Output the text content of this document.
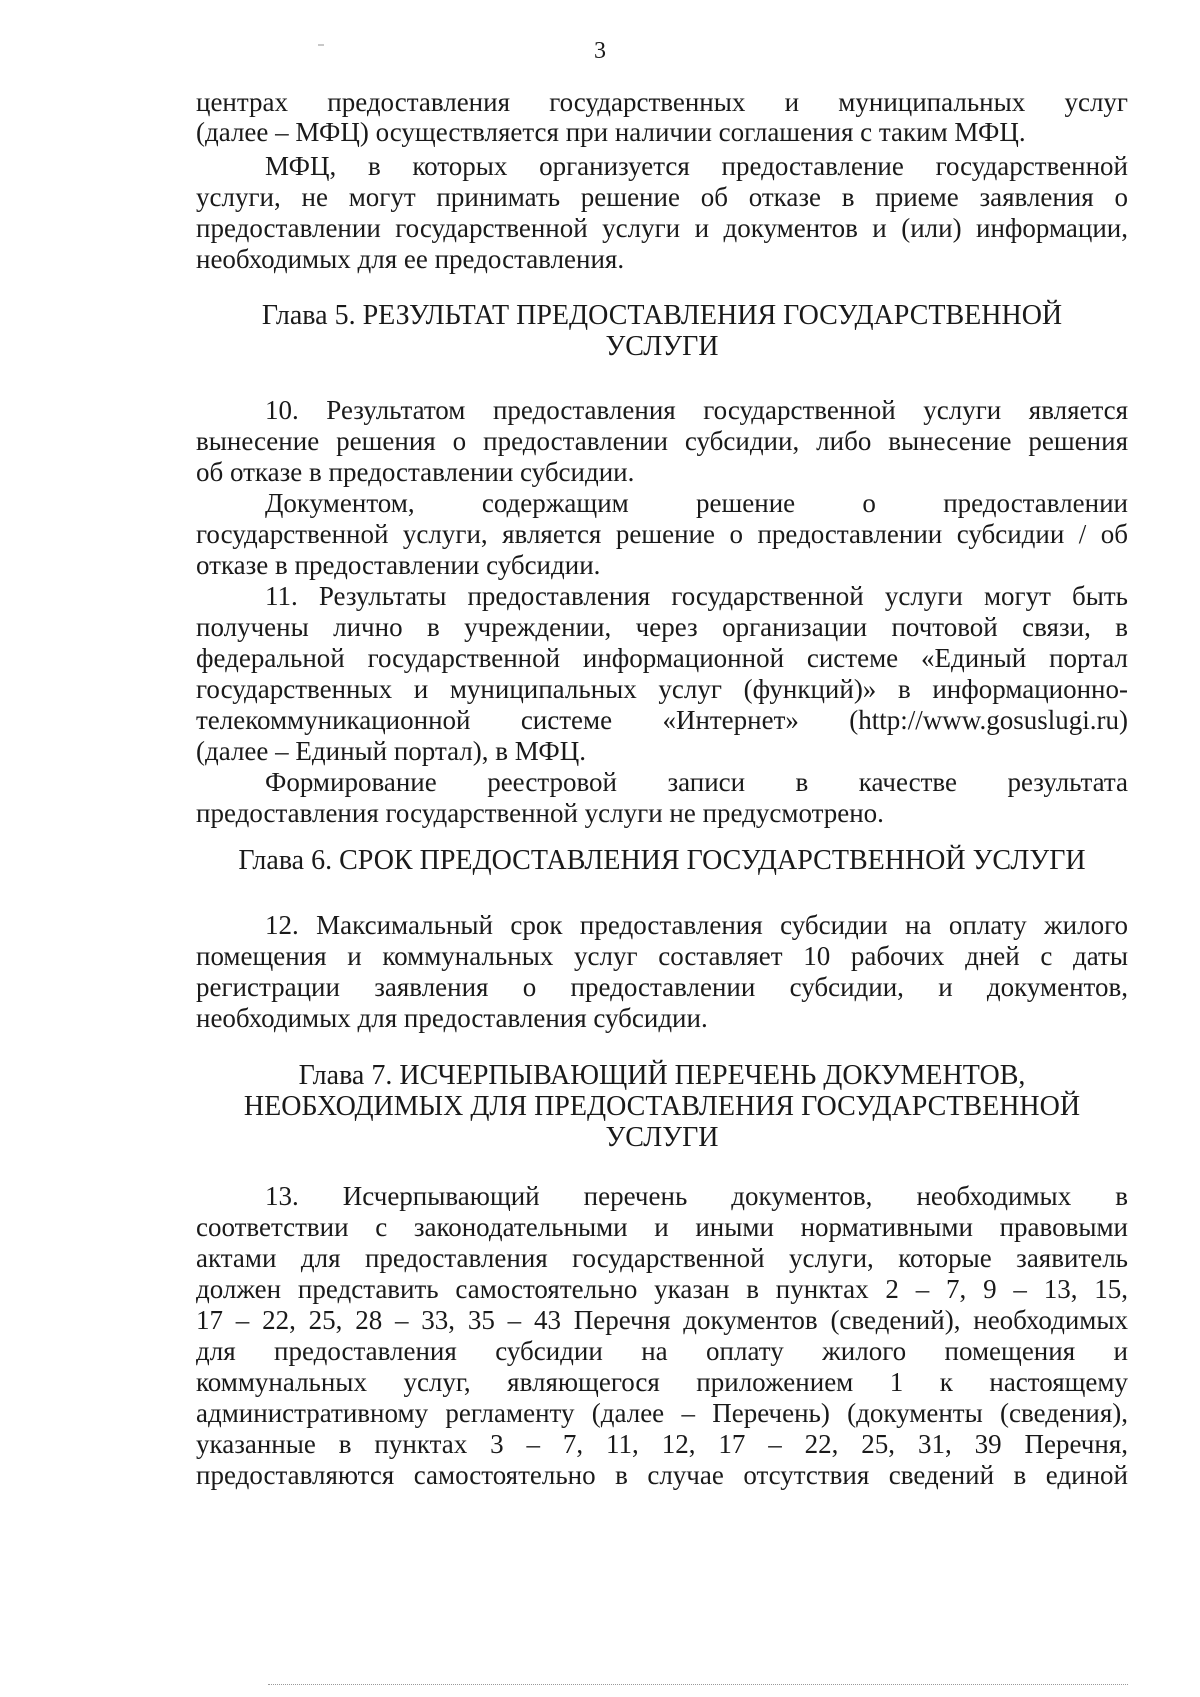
3
центрах предоставления государственных и муниципальных услуг
(далее – МФЦ) осуществляется при наличии соглашения с таким МФЦ.
МФЦ, в которых организуется предоставление государственной
услуги, не могут принимать решение об отказе в приеме заявления о
предоставлении государственной услуги и документов и (или) информации,
необходимых для ее предоставления.
Глава 5. РЕЗУЛЬТАТ ПРЕДОСТАВЛЕНИЯ ГОСУДАРСТВЕННОЙ
УСЛУГИ
10. Результатом предоставления государственной услуги является
вынесение решения о предоставлении субсидии, либо вынесение решения
об отказе в предоставлении субсидии.
Документом, содержащим решение о предоставлении
государственной услуги, является решение о предоставлении субсидии / об
отказе в предоставлении субсидии.
11. Результаты предоставления государственной услуги могут быть
получены лично в учреждении, через организации почтовой связи, в
федеральной государственной информационной системе «Единый портал
государственных и муниципальных услуг (функций)» в информационно-
телекоммуникационной системе «Интернет» (http://www.gosuslugi.ru)
(далее – Единый портал), в МФЦ.
Формирование реестровой записи в качестве результата
предоставления государственной услуги не предусмотрено.
Глава 6. СРОК ПРЕДОСТАВЛЕНИЯ ГОСУДАРСТВЕННОЙ УСЛУГИ
12. Максимальный срок предоставления субсидии на оплату жилого
помещения и коммунальных услуг составляет 10 рабочих дней с даты
регистрации заявления о предоставлении субсидии, и документов,
необходимых для предоставления субсидии.
Глава 7. ИСЧЕРПЫВАЮЩИЙ ПЕРЕЧЕНЬ ДОКУМЕНТОВ,
НЕОБХОДИМЫХ ДЛЯ ПРЕДОСТАВЛЕНИЯ ГОСУДАРСТВЕННОЙ
УСЛУГИ
13. Исчерпывающий перечень документов, необходимых в
соответствии с законодательными и иными нормативными правовыми
актами для предоставления государственной услуги, которые заявитель
должен представить самостоятельно указан в пунктах 2 – 7, 9 – 13, 15,
17 – 22, 25, 28 – 33, 35 – 43 Перечня документов (сведений), необходимых
для предоставления субсидии на оплату жилого помещения и
коммунальных услуг, являющегося приложением 1 к настоящему
административному регламенту (далее – Перечень) (документы (сведения),
указанные в пунктах 3 – 7, 11, 12, 17 – 22, 25, 31, 39 Перечня,
предоставляются самостоятельно в случае отсутствия сведений в единой
